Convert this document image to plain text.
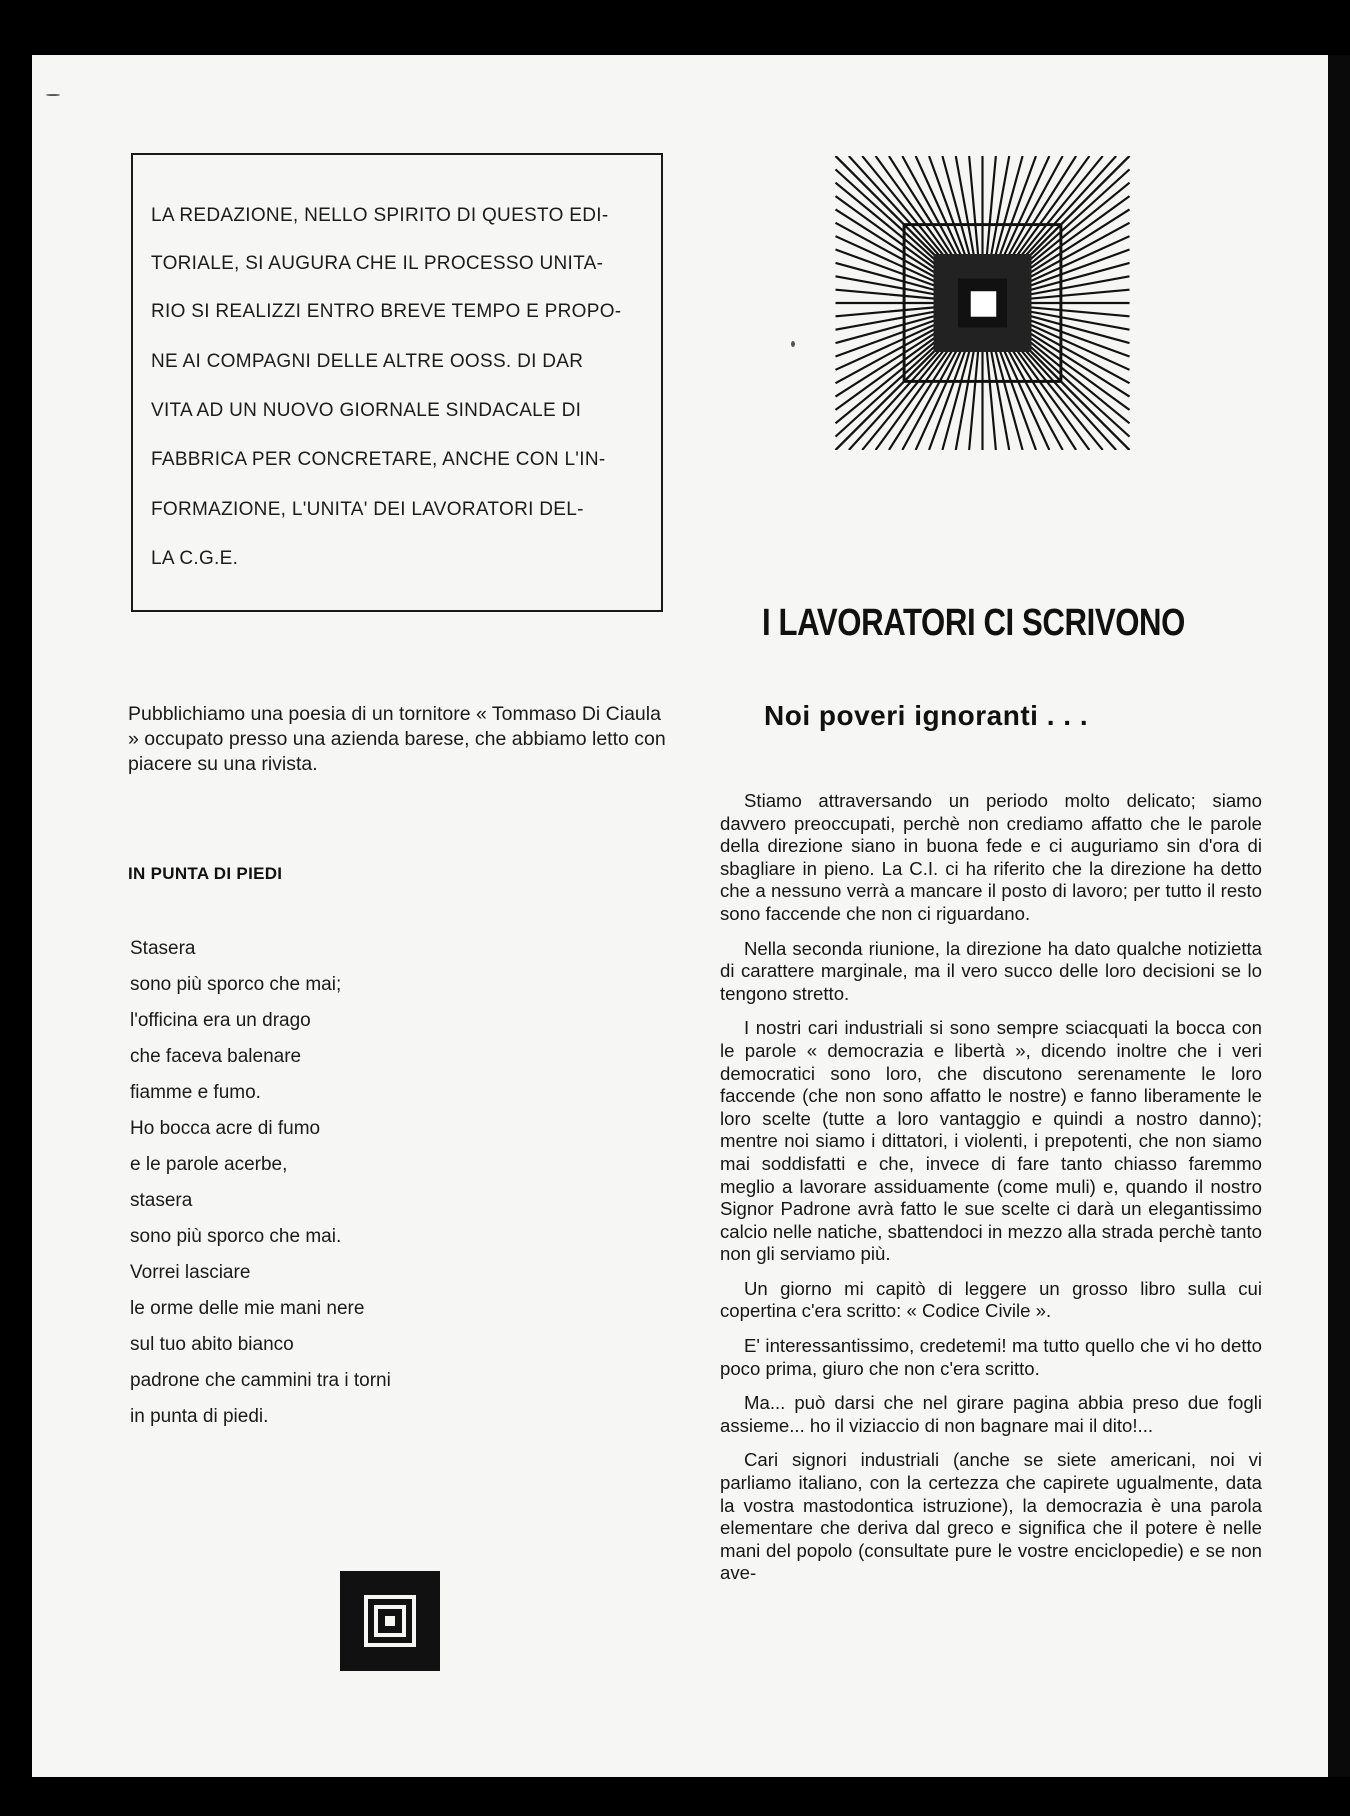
LA REDAZIONE, NELLO SPIRITO DI QUESTO EDI-
TORIALE, SI AUGURA CHE IL PROCESSO UNITA-
RIO SI REALIZZI ENTRO BREVE TEMPO E PROPO-
NE AI COMPAGNI DELLE ALTRE OOSS. DI DAR
VITA AD UN NUOVO GIORNALE SINDACALE DI
FABBRICA PER CONCRETARE, ANCHE CON L'IN-
FORMAZIONE, L'UNITA' DEI LAVORATORI DEL-
LA C.G.E.
I LAVORATORI CI SCRIVONO
Noi poveri ignoranti . . .
Pubblichiamo una poesia di un tornitore « Tommaso Di Ciaula » occupato presso una azienda barese, che abbiamo letto con piacere su una rivista.
IN PUNTA DI PIEDI
Stasera
sono più sporco che mai;
l'officina era un drago
che faceva balenare
fiamme e fumo.
Ho bocca acre di fumo
e le parole acerbe,
stasera
sono più sporco che mai.
Vorrei lasciare
le orme delle mie mani nere
sul tuo abito bianco
padrone che cammini tra i torni
in punta di piedi.

Stiamo attraversando un periodo molto delicato; siamo davvero preoccupati, perchè non crediamo affatto che le parole della direzione siano in buona fede e ci auguriamo sin d'ora di sbagliare in pieno. La C.I. ci ha riferito che la direzione ha detto che a nessuno verrà a mancare il posto di lavoro; per tutto il resto sono faccende che non ci riguardano.

Nella seconda riunione, la direzione ha dato qualche notizietta di carattere marginale, ma il vero succo delle loro decisioni se lo tengono stretto.

I nostri cari industriali si sono sempre sciacquati la bocca con le parole « democrazia e libertà », dicendo inoltre che i veri democratici sono loro, che discutono serenamente le loro faccende (che non sono affatto le nostre) e fanno liberamente le loro scelte (tutte a loro vantaggio e quindi a nostro danno); mentre noi siamo i dittatori, i violenti, i prepotenti, che non siamo mai soddisfatti e che, invece di fare tanto chiasso faremmo meglio a lavorare assiduamente (come muli) e, quando il nostro Signor Padrone avrà fatto le sue scelte ci darà un elegantissimo calcio nelle natiche, sbattendoci in mezzo alla strada perchè tanto non gli serviamo più.

Un giorno mi capitò di leggere un grosso libro sulla cui copertina c'era scritto: « Codice Civile ».

E' interessantissimo, credetemi! ma tutto quello che vi ho detto poco prima, giuro che non c'era scritto.

Ma... può darsi che nel girare pagina abbia preso due fogli assieme... ho il viziaccio di non bagnare mai il dito!...

Cari signori industriali (anche se siete americani, noi vi parliamo italiano, con la certezza che capirete ugualmente, data la vostra mastodontica istruzione), la democrazia è una parola elementare che deriva dal greco e significa che il potere è nelle mani del popolo (consultate pure le vostre enciclopedie) e se non ave-
